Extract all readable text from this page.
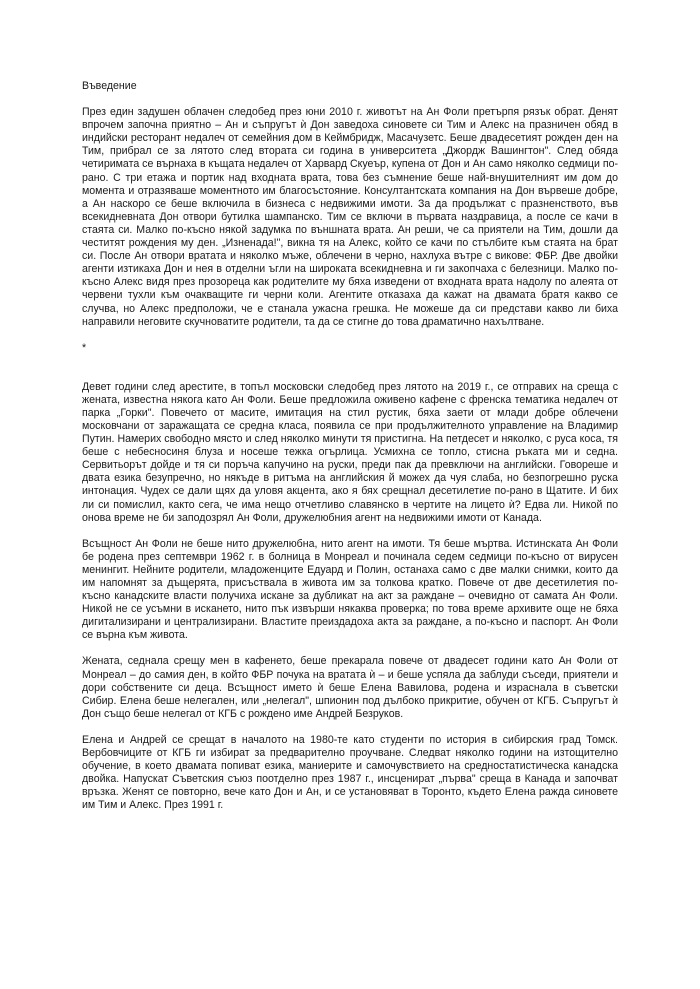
Въведение
През един задушен облачен следобед през юни 2010 г. животът на Ан Фоли претърпя рязък обрат. Денят впрочем започна приятно – Ан и съпругът ѝ Дон заведоха синовете си Тим и Алекс на празничен обяд в индийски ресторант недалеч от семейния дом в Кеймбридж, Масачузетс. Беше двадесетият рожден ден на Тим, прибрал се за лятото след втората си година в университета „Джордж Вашингтон". След обяда четиримата се върнаха в къщата недалеч от Харвард Скуеър, купена от Дон и Ан само няколко седмици по-рано. С три етажа и портик над входната врата, това без съмнение беше най-внушителният им дом до момента и отразяваше моментното им благосъстояние. Консултантската компания на Дон вървеше добре, а Ан наскоро се беше включила в бизнеса с недвижими имоти. За да продължат с празненството, във всекидневната Дон отвори бутилка шампанско. Тим се включи в първата наздравица, а после се качи в стаята си. Малко по-късно някой задумка по външната врата. Ан реши, че са приятели на Тим, дошли да честитят рождения му ден. „Изненада!", викна тя на Алекс, който се качи по стълбите към стаята на брат си. После Ан отвори вратата и няколко мъже, облечени в черно, нахлуха вътре с викове: ФБР. Две двойки агенти изтикаха Дон и нея в отделни ъгли на широката всекидневна и ги закопчаха с белезници. Малко по-късно Алекс видя през прозореца как родителите му бяха изведени от входната врата надолу по алеята от червени тухли към очакващите ги черни коли. Агентите отказаха да кажат на двамата братя какво се случва, но Алекс предположи, че е станала ужасна грешка. Не можеше да си представи какво ли биха направили неговите скучноватите родители, та да се стигне до това драматично нахълтване.
*
Девет години след арестите, в топъл московски следобед през лятото на 2019 г., се отправих на среща с жената, известна някога като Ан Фоли. Беше предложила оживено кафене с френска тематика недалеч от парка „Горки". Повечето от масите, имитация на стил рустик, бяха заети от млади добре облечени московчани от заражащата се средна класа, появила се при продължителното управление на Владимир Путин. Намерих свободно място и след няколко минути тя пристигна. На петдесет и няколко, с руса коса, тя беше с небесносиня блуза и носеше тежка огърлица. Усмихна се топло, стисна ръката ми и седна. Сервитьорът дойде и тя си поръча капучино на руски, преди пак да превключи на английски. Говореше и двата езика безупречно, но някъде в ритъма на английския й можех да чуя слаба, но безпогрешно руска интонация. Чудех се дали щях да уловя акцента, ако я бях срещнал десетилетие по-рано в Щатите. И бих ли си помислил, както сега, че има нещо отчетливо славянско в чертите на лицето ѝ? Едва ли. Никой по онова време не би заподозрял Ан Фоли, дружелюбния агент на недвижими имоти от Канада.
Всъщност Ан Фоли не беше нито дружелюбна, нито агент на имоти. Тя беше мъртва. Истинската Ан Фоли бе родена през септември 1962 г. в болница в Монреал и починала седем седмици по-късно от вирусен менингит. Нейните родители, младоженците Едуард и Полин, останаха само с две малки снимки, които да им напомнят за дъщерята, присъствала в живота им за толкова кратко. Повече от две десетилетия по-късно канадските власти получиха искане за дубликат на акт за раждане – очевидно от самата Ан Фоли. Никой не се усъмни в искането, нито пък извърши някаква проверка; по това време архивите още не бяха дигитализирани и централизирани. Властите преиздадоха акта за раждане, а по-късно и паспорт. Ан Фоли се върна към живота.
Жената, седнала срещу мен в кафенето, беше прекарала повече от двадесет години като Ан Фоли от Монреал – до самия ден, в който ФБР почука на вратата ѝ – и беше успяла да заблуди съседи, приятели и дори собствените си деца. Всъщност името ѝ беше Елена Вавилова, родена и израснала в съветски Сибир. Елена беше нелегален, или „нелегал", шпионин под дълбоко прикритие, обучен от КГБ. Съпругът ѝ Дон също беше нелегал от КГБ с рождено име Андрей Безруков.
Елена и Андрей се срещат в началото на 1980-те като студенти по история в сибирския град Томск. Вербовчиците от КГБ ги избират за предварително проучване. Следват няколко години на изтощително обучение, в което двамата попиват езика, маниерите и самочувствието на средностатистическа канадска двойка. Напускат Съветския съюз поотделно през 1987 г., инсценират „първа" среща в Канада и започват връзка. Женят се повторно, вече като Дон и Ан, и се установяват в Торонто, където Елена ражда синовете им Тим и Алекс. През 1991 г.
